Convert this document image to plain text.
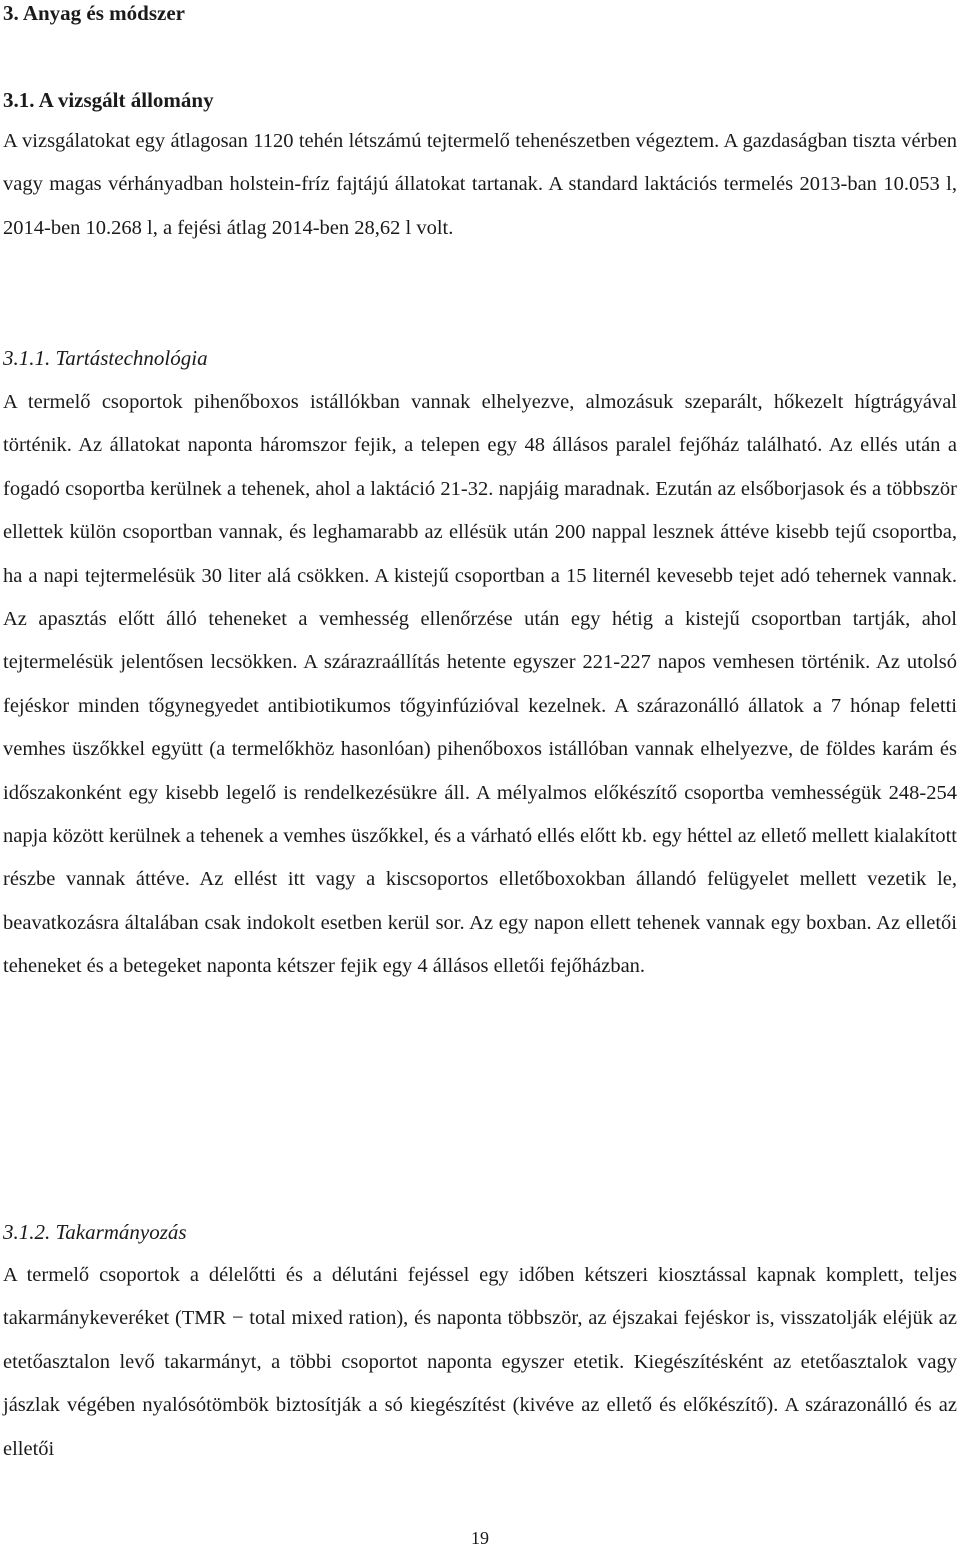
3. Anyag és módszer
3.1. A vizsgált állomány

A vizsgálatokat egy átlagosan 1120 tehén létszámú tejtermelő tehenészetben végeztem. A gazdaságban tiszta vérben vagy magas vérhányadban holstein-fríz fajtájú állatokat tartanak. A standard laktációs termelés 2013-ban 10.053 l, 2014-ben 10.268 l, a fejési átlag 2014-ben 28,62 l volt.

3.1.1. Tartástechnológia

A termelő csoportok pihenőboxos istállókban vannak elhelyezve, almozásuk szeparált, hőkezelt hígtrágyával történik. Az állatokat naponta háromszor fejik, a telepen egy 48 állásos paralel fejőház található. Az ellés után a fogadó csoportba kerülnek a tehenek, ahol a laktáció 21-32. napjáig maradnak. Ezután az elsőborjasok és a többször ellettek külön csoportban vannak, és leghamarabb az ellésük után 200 nappal lesznek áttéve kisebb tejű csoportba, ha a napi tejtermelésük 30 liter alá csökken. A kistejű csoportban a 15 liternél kevesebb tejet adó tehernek vannak. Az apasztás előtt álló teheneket a vemhesség ellenőrzése után egy hétig a kistejű csoportban tartják, ahol tejtermelésük jelentősen lecsökken. A szárazraállítás hetente egyszer 221-227 napos vemhesen történik. Az utolsó fejéskor minden tőgynegyedet antibiotikumos tőgyinfúzióval kezelnek. A szárazonálló állatok a 7 hónap feletti vemhes üszőkkel együtt (a termelőkhöz hasonlóan) pihenőboxos istállóban vannak elhelyezve, de földes karám és időszakonként egy kisebb legelő is rendelkezésükre áll. A mélyalmos előkészítő csoportba vemhességük 248-254 napja között kerülnek a tehenek a vemhes üszőkkel, és a várható ellés előtt kb. egy héttel az ellető mellett kialakított részbe vannak áttéve. Az ellést itt vagy a kiscsoportos elletőboxokban állandó felügyelet mellett vezetik le, beavatkozásra általában csak indokolt esetben kerül sor. Az egy napon ellett tehenek vannak egy boxban. Az elletői teheneket és a betegeket naponta kétszer fejik egy 4 állásos elletői fejőházban.

3.1.2. Takarmányozás

A termelő csoportok a délelőtti és a délutáni fejéssel egy időben kétszeri kiosztással kapnak komplett, teljes takarmánykeveréket (TMR − total mixed ration), és naponta többször, az éjszakai fejéskor is, visszatolják eléjük az etetőasztalon levő takarmányt, a többi csoportot naponta egyszer etetik. Kiegészítésként az etetőasztalok vagy jászlak végében nyalósótömbök biztosítják a só kiegészítést (kivéve az ellető és előkészítő). A szárazonálló és az elletői

19
